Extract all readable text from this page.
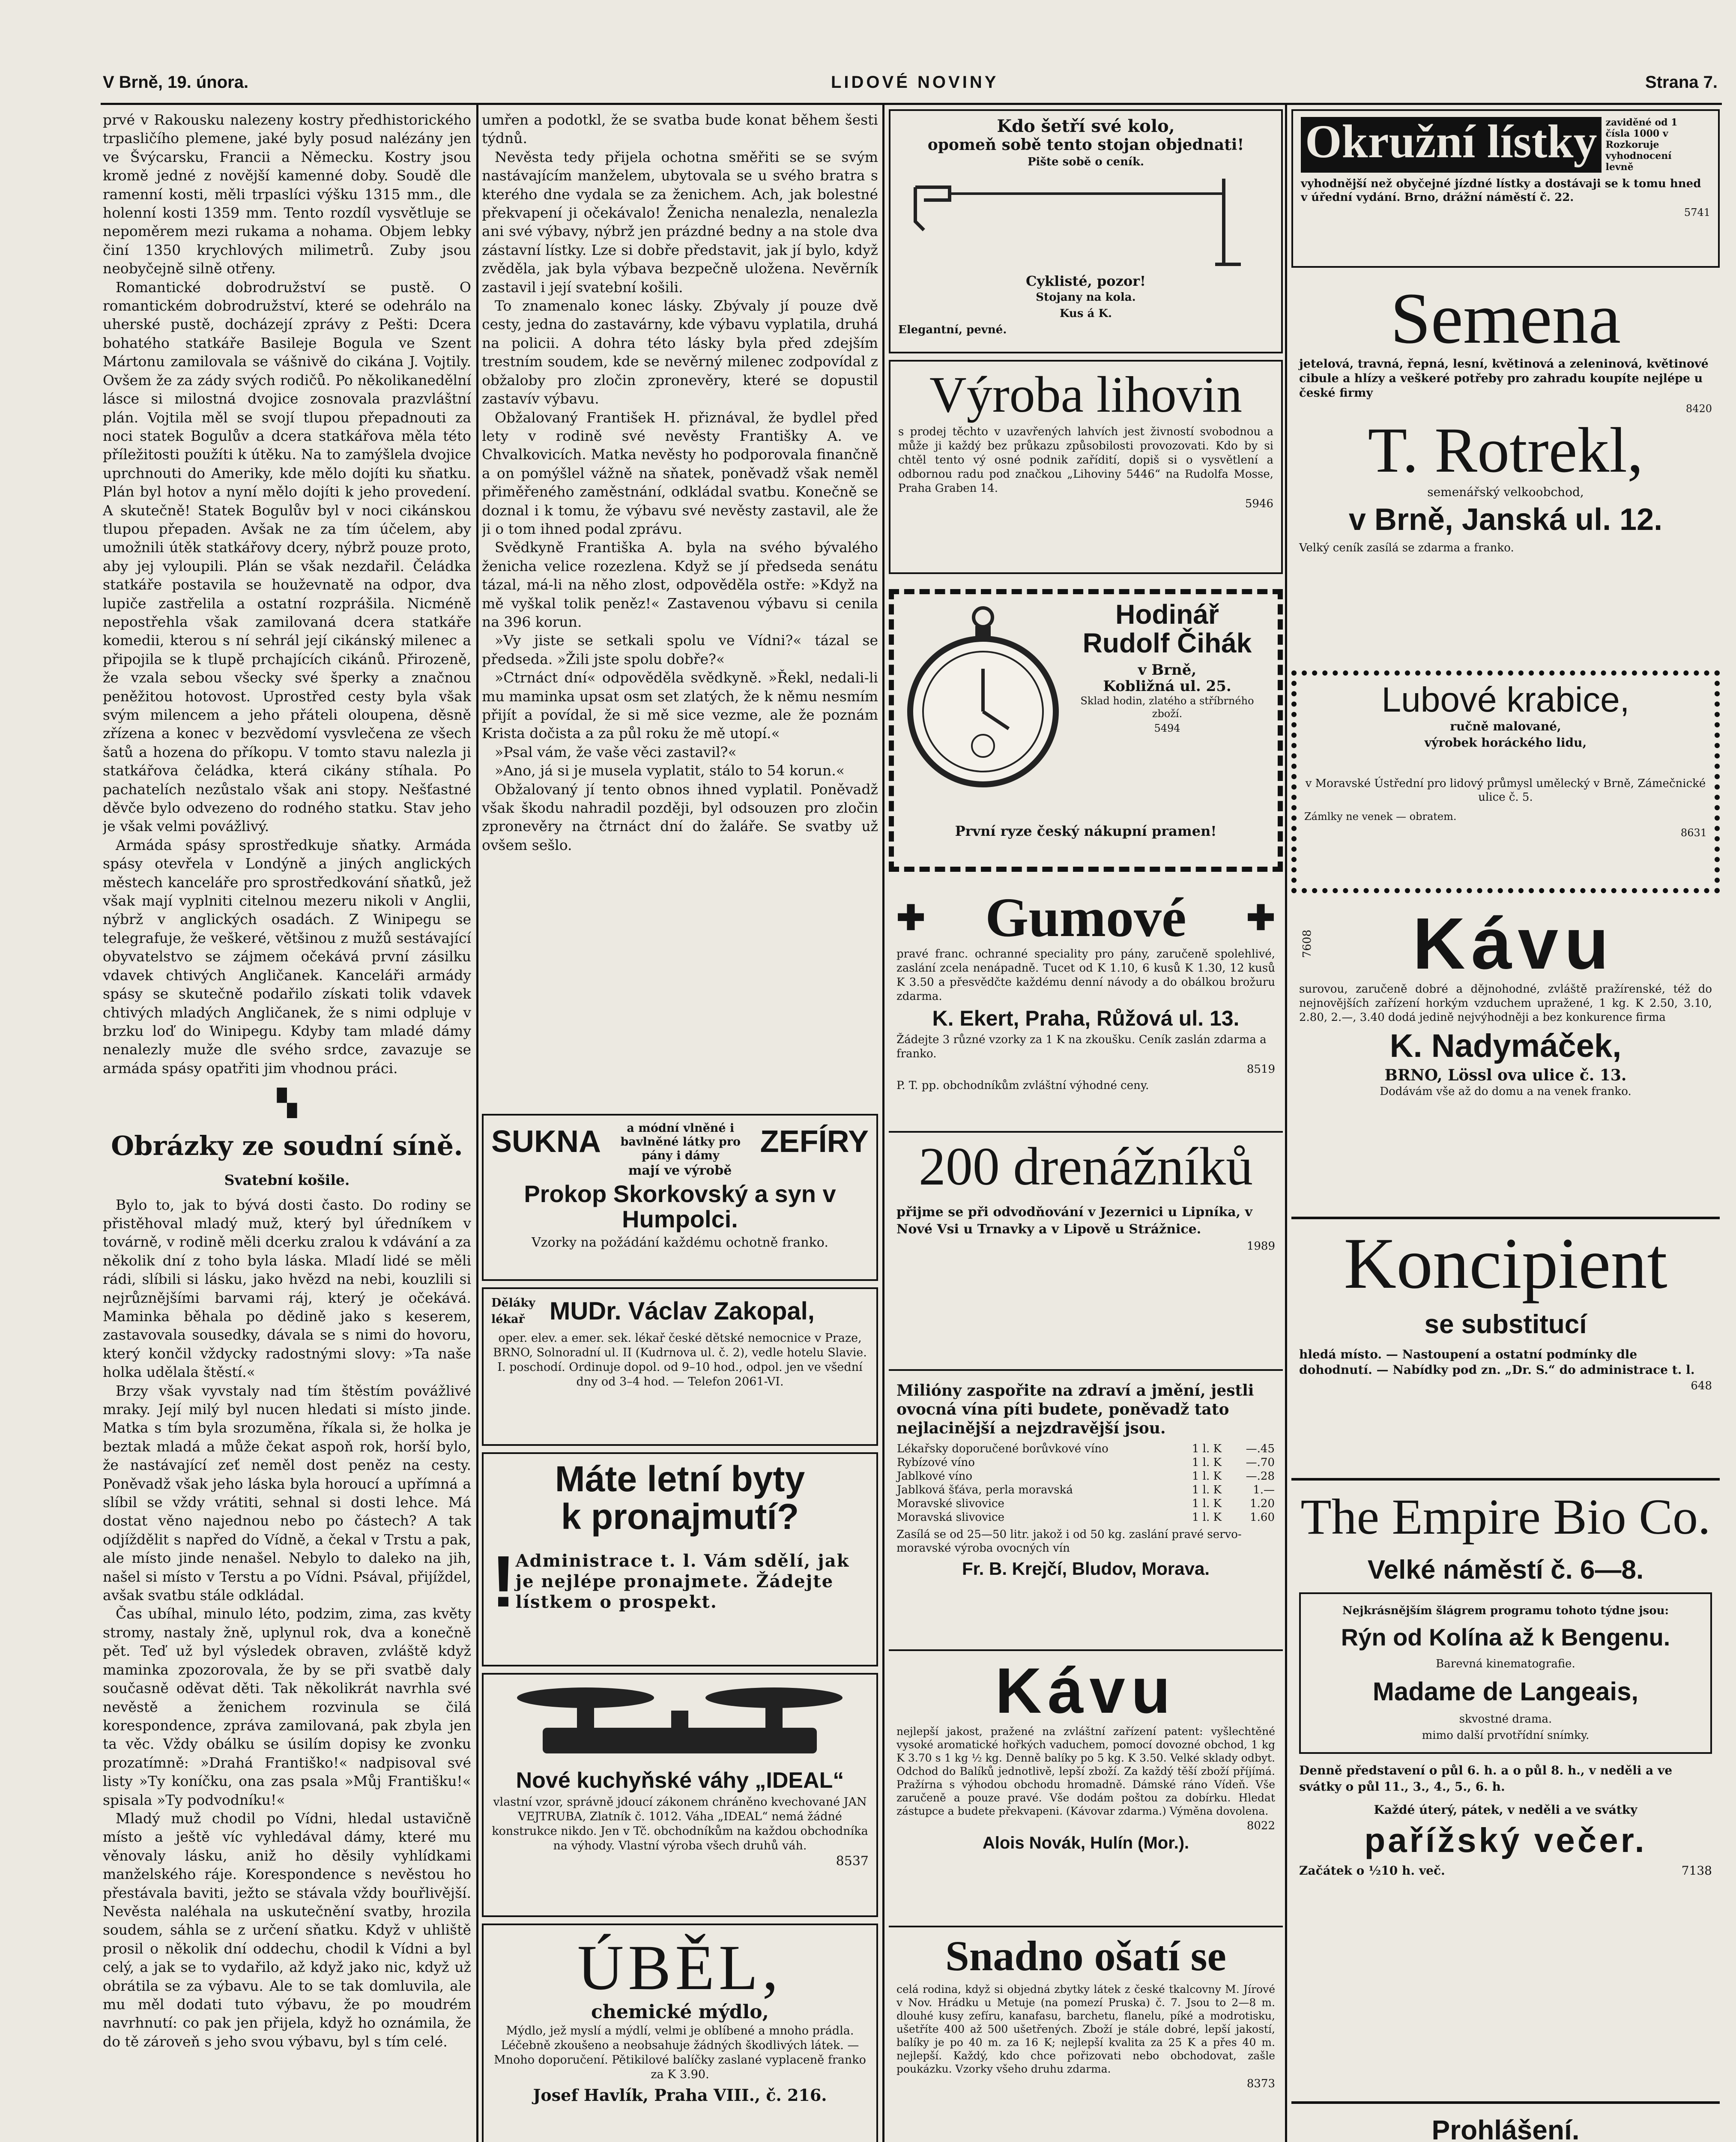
V Brně, 19. února.	LIDOVÉ NOVINY	Strana 7.

prvé v Rakousku nalezeny kostry předhistorického trpasličího plemene, jaké byly posud nalézány jen ve Švýcarsku, Francii a Německu. Kostry jsou kromě jedné z novější kamenné doby. Soudě dle ramenní kosti, měli trpaslíci výšku 1315 mm., dle holenní kosti 1359 mm. Tento rozdíl vysvětluje se nepoměrem mezi rukama a nohama. Objem lebky činí 1350 krychlových milimetrů. Zuby jsou neobyčejně silně otřeny.

Romantické dobrodružství se pustě. O romantickém dobrodružství, které se odehrálo na uherské pustě, docházejí zprávy z Pešti: Dcera bohatého statkáře Basileje Bogula ve Szent Mártonu zamilovala se vášnivě do cikána J. Vojtily. Ovšem že za zády svých rodičů. Po několikanedělní lásce si milostná dvojice zosnovala prazvláštní plán. Vojtila měl se svojí tlupou přepadnouti za noci statek Bogulův a dcera statkářova měla této příležitosti použíti k útěku. Na to zamýšlela dvojice uprchnouti do Ameriky, kde mělo dojíti ku sňatku. Plán byl hotov a nyní mělo dojíti k jeho provedení. A skutečně! Statek Bogulův byl v noci cikánskou tlupou přepaden. Avšak ne za tím účelem, aby umožnili útěk statkářovy dcery, nýbrž pouze proto, aby jej vyloupili. Plán se však nezdařil. Čeládka statkáře postavila se houževnatě na odpor, dva lupiče zastřelila a ostatní rozprášila. Nicméně nepostřehla však zamilovaná dcera statkáře komedii, kterou s ní sehrál její cikánský milenec a připojila se k tlupě prchajících cikánů. Přirozeně, že vzala sebou všecky své šperky a značnou peněžitou hotovost. Uprostřed cesty byla však svým milencem a jeho přáteli oloupena, děsně zřízena a konec v bezvědomí vysvlečena ze všech šatů a hozena do příkopu. V tomto stavu nalezla ji statkářova čeládka, která cikány stíhala. Po pachatelích nezůstalo však ani stopy. Nešťastné děvče bylo odvezeno do rodného statku. Stav jeho je však velmi povážlivý.

Armáda spásy sprostředkuje sňatky. Armáda spásy otevřela v Londýně a jiných anglických městech kanceláře pro sprostředkování sňatků, jež však mají vyplniti citelnou mezeru nikoli v Anglii, nýbrž v anglických osadách. Z Winipegu se telegrafuje, že veškeré, většinou z mužů sestávající obyvatelstvo se zájmem očekává první zásilku vdavek chtivých Angličanek. Kanceláři armády spásy se skutečně podařilo získati tolik vdavek chtivých mladých Angličanek, že s nimi odpluje v brzku loď do Winipegu. Kdyby tam mladé dámy nenalezly muže dle svého srdce, zavazuje se armáda spásy opatřiti jim vhodnou práci.

▚
Obrázky ze soudní síně.
Svatební košile.

Bylo to, jak to bývá dosti často. Do rodiny se přistěhoval mladý muž, který byl úředníkem v továrně, v rodině měli dcerku zralou k vdávání a za několik dní z toho byla láska. Mladí lidé se měli rádi, slíbili si lásku, jako hvězd na nebi, kouzlili si nejrůznějšími barvami ráj, který je očekává. Maminka běhala po dědině jako s keserem, zastavovala sousedky, dávala se s nimi do hovoru, který končil vždycky radostnými slovy: »Ta naše holka udělala štěstí.«

Brzy však vyvstaly nad tím štěstím povážlivé mraky. Její milý byl nucen hledati si místo jinde. Matka s tím byla srozuměna, říkala si, že holka je beztak mladá a může čekat aspoň rok, horší bylo, že nastávající zeť neměl dost peněz na cesty. Poněvadž však jeho láska byla horoucí a upřímná a slíbil se vždy vrátiti, sehnal si dosti lehce. Má dostat věno najednou nebo po částech? A tak odjíždělit s napřed do Vídně, a čekal v Trstu a pak, ale místo jinde nenašel. Nebylo to daleko na jih, našel si místo v Terstu a po Vídni. Psával, přijíždel, avšak svatbu stále odkládal.

Čas ubíhal, minulo léto, podzim, zima, zas květy stromy, nastaly žně, uplynul rok, dva a konečně pět. Teď už byl výsledek obraven, zvláště když maminka zpozorovala, že by se při svatbě daly současně oděvat děti. Tak několikrát navrhla své nevěstě a ženichem rozvinula se čilá korespondence, zpráva zamilovaná, pak zbyla jen ta věc. Vždy obálku se úsilím dopisy ke zvonku prozatímně: »Drahá Františko!« nadpisoval své listy »Ty koníčku, ona zas psala »Můj Františku!« spisala »Ty podvodníku!«

Mladý muž chodil po Vídni, hledal ustavičně místo a ještě víc vyhledával dámy, které mu věnovaly lásku, aniž ho děsily vyhlídkami manželského ráje. Korespondence s nevěstou ho přestávala baviti, ježto se stávala vždy bouřlivější. Nevěsta naléhala na uskutečnění svatby, hrozila soudem, sáhla se z určení sňatku. Když v uhliště prosil o několik dní oddechu, chodil k Vídni a byl celý, a jak se to vydařilo, až když jako nic, když už obrátila se za výbavu. Ale to se tak domluvila, ale mu měl dodati tuto výbavu, že po moudrém navrhnutí: co pak jen přijela, když ho oznámila, že do tě zároveň s jeho svou výbavu, byl s tím celé.

umřen a podotkl, že se svatba bude konat během šesti týdnů.

Nevěsta tedy přijela ochotna směřiti se se svým nastávajícím manželem, ubytovala se u svého bratra s kterého dne vydala se za ženichem. Ach, jak bolestné překvapení ji očekávalo! Ženicha nenalezla, nenalezla ani své výbavy, nýbrž jen prázdné bedny a na stole dva zástavní lístky. Lze si dobře představit, jak jí bylo, když zvěděla, jak byla výbava bezpečně uložena. Nevěrník zastavil i její svatební košili.

To znamenalo konec lásky. Zbývaly jí pouze dvě cesty, jedna do zastavárny, kde výbavu vyplatila, druhá na policii. A dohra této lásky byla před zdejším trestním soudem, kde se nevěrný milenec zodpovídal z obžaloby pro zločin zpronevěry, které se dopustil zastavív výbavu.

Obžalovaný František H. přiznával, že bydlel před lety v rodině své nevěsty Františky A. ve Chvalkovicích. Matka nevěsty ho podporovala finančně a on pomýšlel vážně na sňatek, poněvadž však neměl přiměřeného zaměstnání, odkládal svatbu. Konečně se doznal i k tomu, že výbavu své nevěsty zastavil, ale že ji o tom ihned podal zprávu.

Svědkyně Františka A. byla na svého bývalého ženicha velice rozezlena. Když se jí předseda senátu tázal, má-li na něho zlost, odpověděla ostře: »Když na mě vyškal tolik peněz!« Zastavenou výbavu si cenila na 396 korun.

»Vy jiste se setkali spolu ve Vídni?« tázal se předseda. »Žili jste spolu dobře?«

»Ctrnáct dní« odpověděla svědkyně. »Řekl, nedali-li mu maminka upsat osm set zlatých, že k němu nesmím přijít a povídal, že si mě sice vezme, ale že poznám Krista dočista a za půl roku že mě utopí.«

»Psal vám, že vaše věci zastavil?«

»Ano, já si je musela vyplatit, stálo to 54 korun.«

Obžalovaný jí tento obnos ihned vyplatil. Poněvadž však škodu nahradil později, byl odsouzen pro zločin zpronevěry na čtrnáct dní do žaláře. Se svatby už ovšem sešlo.

SUKNA	a módní vlněné i bavlněné látky pro pány i dámy	ZEFÍRY
mají ve výrobě
Prokop Skorkovský a syn v Humpolci.
Vzorky na požádání každému ochotně franko.
Děláky lékař	MUDr. Václav Zakopal,
oper. elev. a emer. sek. lékař české dětské nemocnice v Praze, BRNO, Solnoradní ul. II (Kudrnova ul. č. 2), vedle hotelu Slavie. I. poschodí. Ordinuje dopol. od 9–10 hod., odpol. jen ve všední dny od 3–4 hod. — Telefon 2061-VI.
Máte letní byty
k pronajmutí?
! Administrace t. l. Vám sdělí, jak je nejlépe pronajmete. Žádejte lístkem o prospekt.
Nové kuchyňské váhy „IDEAL“
vlastní vzor, správně jdoucí zákonem chráněno kvechované JAN VEJTRUBA, Zlatník č. 1012. Váha „IDEAL“ nemá žádné konstrukce nikdo. Jen v Tč. obchodníkům na každou obchodníka na výhody. Vlastní výroba všech druhů váh.
8537
ÚBĚL,
chemické mýdlo,
Mýdlo, jež myslí a mýdlí, velmi je oblíbené a mnoho prádla. Léčebně zkoušeno a neobsahuje žádných škodlivých látek. — Mnoho doporučení. Pětikilové balíčky zaslané vyplaceně franko za K 3.90.
Josef Havlík, Praha VIII., č. 216.
Kdo šetří své kolo,
opomeň sobě tento stojan objednati!
Pište sobě o ceník.
Cyklisté, pozor!
Stojany na kola.
Kus á K.
Elegantní, pevné.
Výroba lihovin
s prodej těchto v uzavřených lahvích jest živností svobodnou a může ji každý bez průkazu způsobilosti provozovati. Kdo by si chtěl tento vý osné podnik zařídití, dopiš si o vysvětlení a odbornou radu pod značkou „Lihoviny 5446“ na Rudolfa Mosse, Praha Graben 14.
5946
Hodinář
Rudolf Čihák
v Brně,
Kobližná ul. 25.
Sklad hodin, zlatého a stříbrného zboží.
5494
První ryze český nákupní pramen!
✚ Gumové ✚
pravé franc. ochranné speciality pro pány, zaručeně spolehlivé, zaslání zcela nenápadně. Tucet od K 1.10, 6 kusů K 1.30, 12 kusů K 3.50 a přesvědčte každému denní návody a do obálkou brožuru zdarma.
K. Ekert, Praha, Růžová ul. 13.
Žádejte 3 různé vzorky za 1 K na zkoušku. Ceník zaslán zdarma a franko.
8519
P. T. pp. obchodníkům zvláštní výhodné ceny.
200 drenážníků
přijme se při odvodňování v Jezernici u Lipníka, v Nové Vsi u Trnavky a v Lipově u Strážnice.
1989
Milióny zaspořite na zdraví a jmění, jestli ovocná vína píti budete, poněvadž tato nejlacinější a nejzdravější jsou.
Lékařsky doporučené borůvkové víno	1 l. K	—.45
Rybízové víno	1 l. K	—.70
Jablkové víno	1 l. K	—.28
Jablková šťáva, perla moravská	1 l. K	1.—
Moravské slivovice	1 l. K	1.20
Moravská slivovice	1 l. K	1.60
Zasílá se od 25—50 litr. jakož i od 50 kg. zaslání pravé servo-moravské výroba ovocných vín
Fr. B. Krejčí, Bludov, Morava.
Kávu
nejlepší jakost, pražené na zvláštní zařízení patent: vyšlechtěné vysoké aromatické hořkých vaduchem, pomocí dovozné obchod, 1 kg K 3.70 s 1 kg ½ kg. Denně balíky po 5 kg. K 3.50. Velké sklady odbyt. Odchod do Balíků jednotlivě, lepší zboží. Za každý těší zboží příjímá. Pražírna s výhodou obchodu hromadně. Dámské ráno Vídeň. Vše zaručeně a pouze pravé. Vše dodám poštou za dobírku. Hledat zástupce a budete překvapeni. (Kávovar zdarma.) Výměna dovolena.
8022
Alois Novák, Hulín (Mor.).
Snadno ošatí se
celá rodina, když si objedná zbytky látek z české tkalcovny M. Jírové v Nov. Hrádku u Metuje (na pomezí Pruska) č. 7. Jsou to 2—8 m. dlouhé kusy zefíru, kanafasu, barchetu, flanelu, píké a modrotisku, ušetříte 400 až 500 ušetřených. Zboží je stále dobré, lepší jakostí, balíky je po 40 m. za 16 K; nejlepší kvalita za 25 K a přes 40 m. nejlepší. Každý, kdo chce pořizovati nebo obchodovat, zašle poukázku. Vzorky všeho druhu zdarma.
8373
Okružní lístky zaviděné od 1 čísla 1000 v Rozkoruje vyhodnocení levně
vyhodnější než obyčejné jízdné lístky a dostávaji se k tomu hned v úřední vydání. Brno, drážní náměstí č. 22.
5741
Semena
jetelová, travná, řepná, lesní, květinová a zeleninová, květinové cibule a hlízy a veškeré potřeby pro zahradu koupíte nejlépe u české firmy
8420
T. Rotrekl,
semenářský velkoobchod,
v Brně, Janská ul. 12.
Velký ceník zasílá se zdarma a franko.
Lubové krabice,
ručně malované,
výrobek horáckého lidu,
v Moravské Ústřední pro lidový průmysl umělecký v Brně, Zámečnické ulice č. 5.
Zámlky ne venek — obratem.
8631
7608	Kávu
surovou, zaručeně dobré a dějnohodné, zvláště pražírenské, též do nejnovějších zařízení horkým vzduchem upražené, 1 kg. K 2.50, 3.10, 2.80, 2.—, 3.40 dodá jedině nejvýhodněji a bez konkurence firma
K. Nadymáček,
BRNO, Lössl ova ulice č. 13.
Dodávám vše až do domu a na venek franko.
Koncipient
se substitucí
hledá místo. — Nastoupení a ostatní podmínky dle dohodnutí. — Nabídky pod zn. „Dr. S.“ do administrace t. l.
648
The Empire Bio Co.
Velké náměstí č. 6—8.
Nejkrásnějším šlágrem programu tohoto týdne jsou:
Rýn od Kolína až k Bengenu.
Barevná kinematografie.
Madame de Langeais,
skvostné drama.
mimo další prvotřídní snímky.
Denně představení o půl 6. h. a o půl 8. h., v neděli a ve svátky o půl 11., 3., 4., 5., 6. h.
Každé úterý, pátek, v neděli a ve svátky
pařížský večer.
Začátek o ½10 h. več.	7138
Prohlášení.
